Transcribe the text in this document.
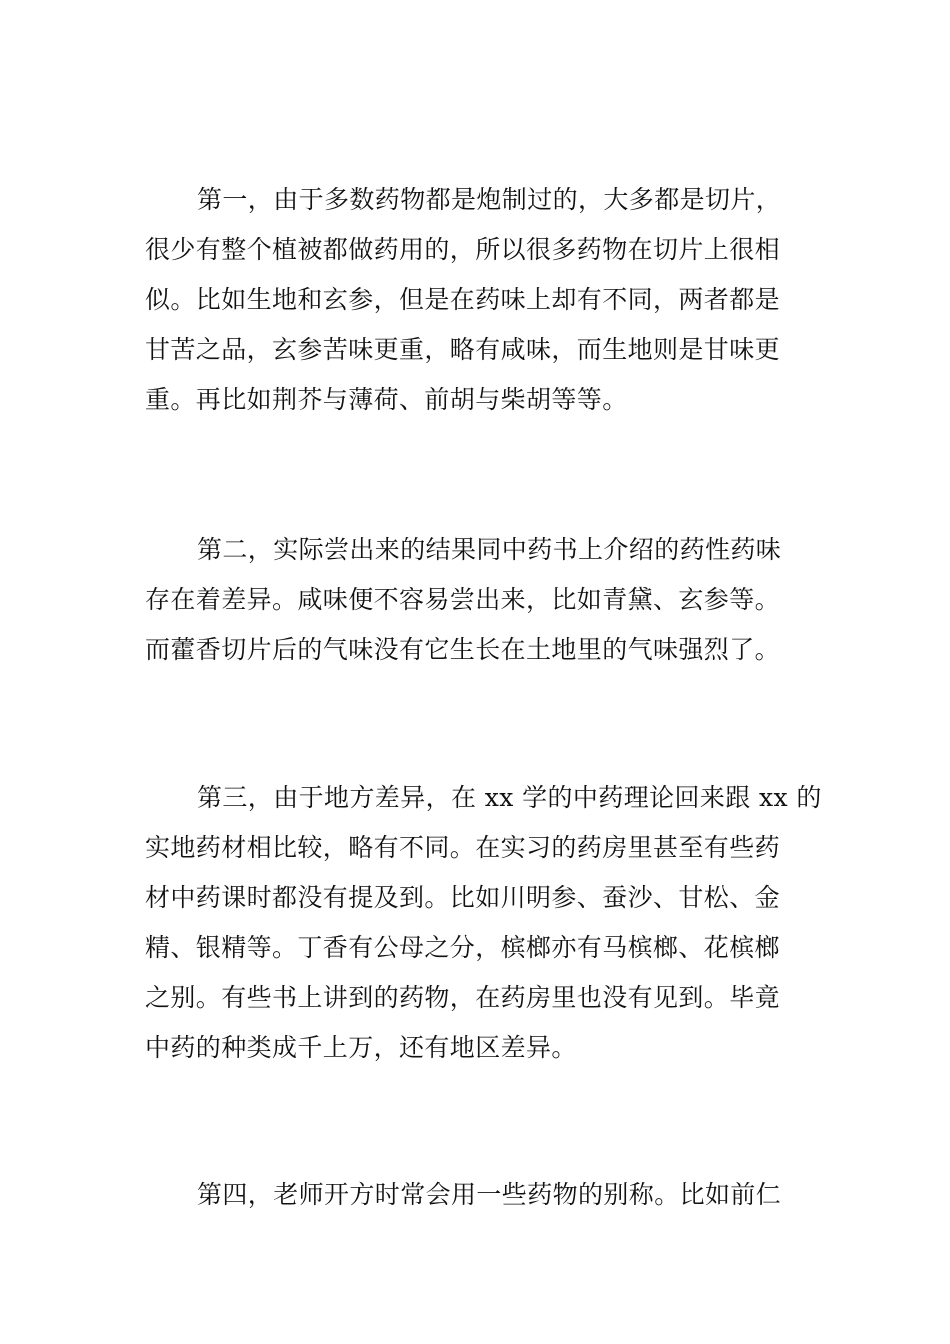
第一，由于多数药物都是炮制过的，大多都是切片，
很少有整个植被都做药用的，所以很多药物在切片上很相
似。比如生地和玄参，但是在药味上却有不同，两者都是
甘苦之品，玄参苦味更重，略有咸味，而生地则是甘味更
重。再比如荆芥与薄荷、前胡与柴胡等等。
第二，实际尝出来的结果同中药书上介绍的药性药味
存在着差异。咸味便不容易尝出来，比如青黛、玄参等。
而藿香切片后的气味没有它生长在土地里的气味强烈了。
第三，由于地方差异，在 xx 学的中药理论回来跟 xx 的
实地药材相比较，略有不同。在实习的药房里甚至有些药
材中药课时都没有提及到。比如川明参、蚕沙、甘松、金
精、银精等。丁香有公母之分，槟榔亦有马槟榔、花槟榔
之别。有些书上讲到的药物，在药房里也没有见到。毕竟
中药的种类成千上万，还有地区差异。
第四，老师开方时常会用一些药物的别称。比如前仁
